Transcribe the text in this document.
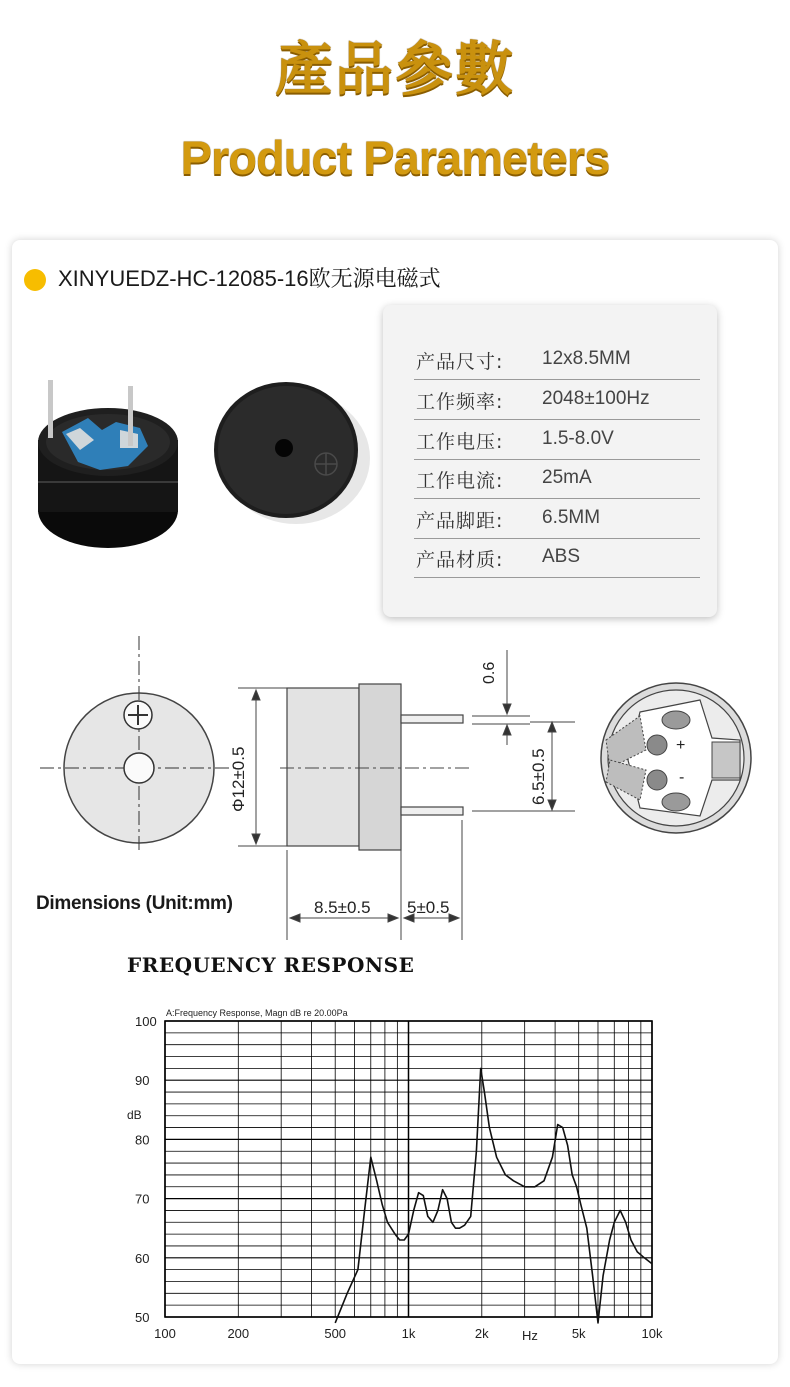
產品參數
Product Parameters
XINYUEDZ-HC-12085-16欧无源电磁式
产品尺寸: 12x8.5MM
工作频率: 2048±100Hz
工作电压: 1.5-8.0V
工作电流: 25mA
产品脚距: 6.5MM
产品材质: ABS
Φ12±0.5
8.5±0.5 5±0.5
0.6
6.5±0.5
+
-
Dimensions (Unit:mm)
FREQUENCY RESPONSE
A:Frequency Response, Magn dB re 20.00Pa
dB
Hz
100
90
80
70
60
50
100	200	500	1k	2k	5k	10k
